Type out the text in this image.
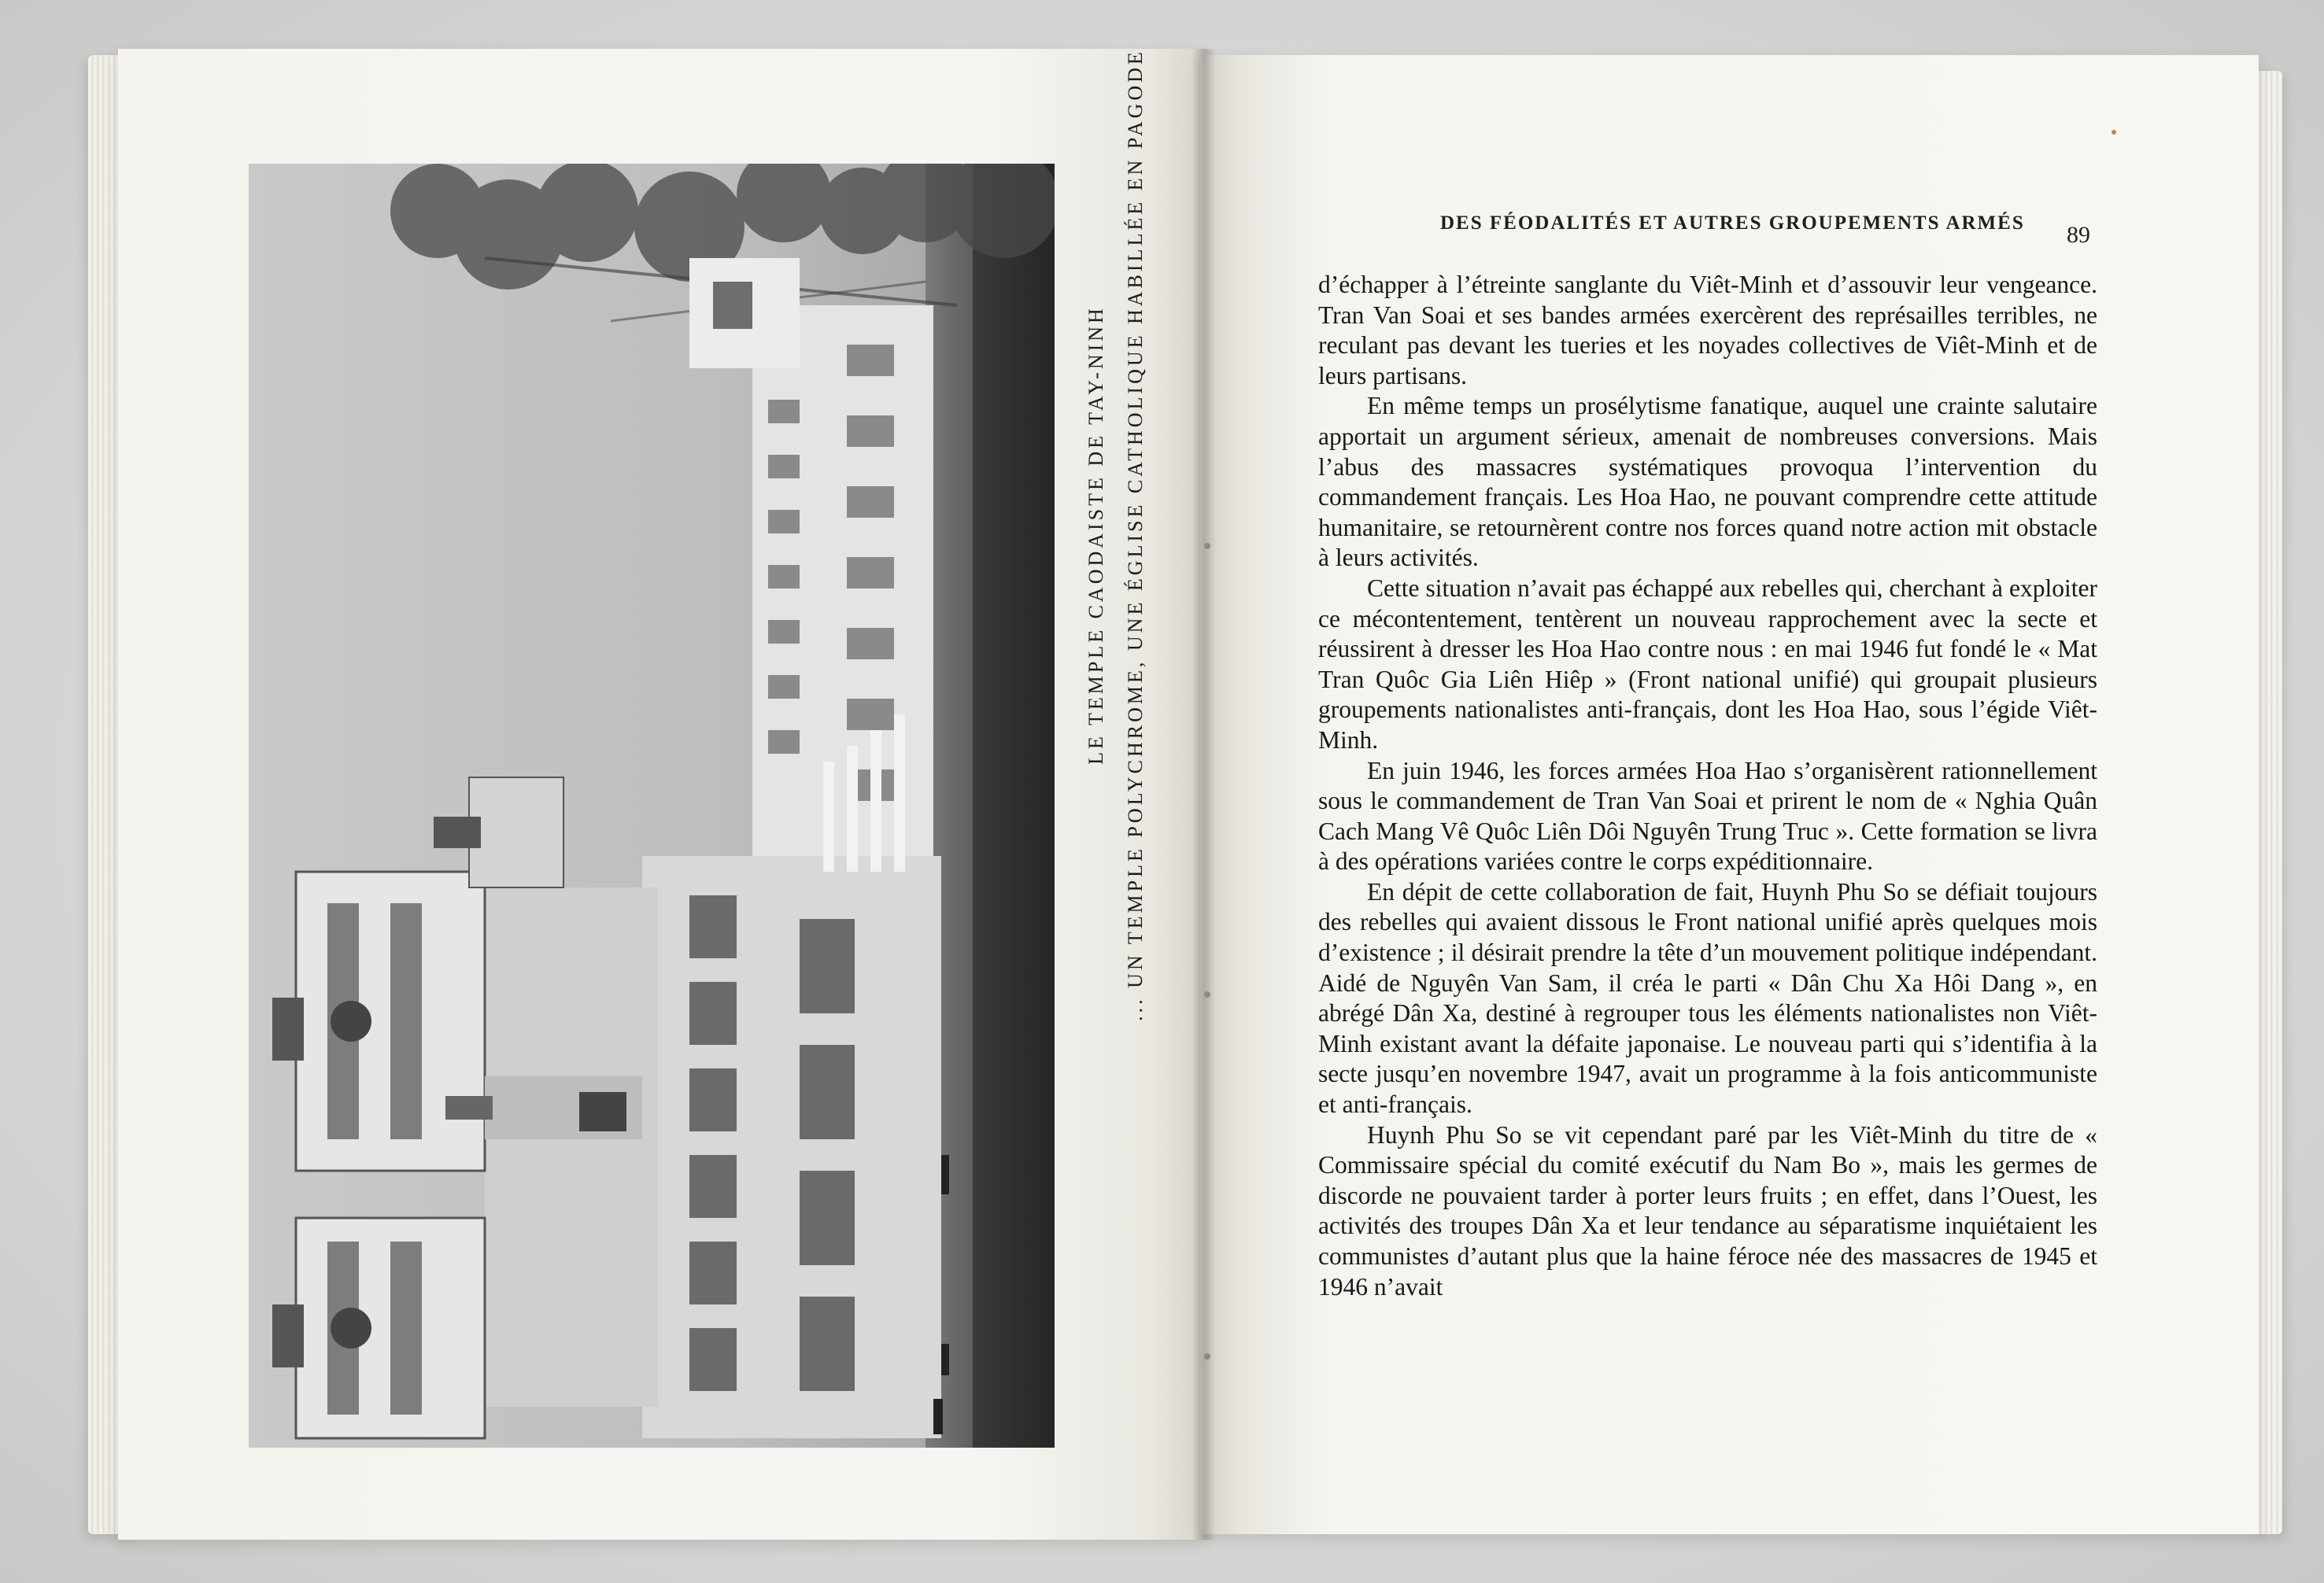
LE TEMPLE CAODAISTE DE TAY-NINH ... UN TEMPLE POLYCHROME, UNE ÉGLISE CATHOLIQUE HABILLÉE EN PAGODE	DES FÉODALITÉS ET AUTRES GROUPEMENTS ARMÉS 89

d’échapper à l’étreinte sanglante du Viêt-Minh et d’assouvir leur vengeance. Tran Van Soai et ses bandes armées exercèrent des représailles terribles, ne reculant pas devant les tueries et les noyades collectives de Viêt-Minh et de leurs partisans.

En même temps un prosélytisme fanatique, auquel une crainte salutaire apportait un argument sérieux, amenait de nombreuses conversions. Mais l’abus des massacres systématiques provoqua l’intervention du commandement français. Les Hoa Hao, ne pouvant comprendre cette attitude humanitaire, se retournèrent contre nos forces quand notre action mit obstacle à leurs activités.

Cette situation n’avait pas échappé aux rebelles qui, cherchant à exploiter ce mécontentement, tentèrent un nouveau rapprochement avec la secte et réussirent à dresser les Hoa Hao contre nous : en mai 1946 fut fondé le « Mat Tran Quôc Gia Liên Hiêp » (Front national unifié) qui groupait plusieurs groupements nationalistes anti-français, dont les Hoa Hao, sous l’égide Viêt-Minh.

En juin 1946, les forces armées Hoa Hao s’organisèrent rationnellement sous le commandement de Tran Van Soai et prirent le nom de « Nghia Quân Cach Mang Vê Quôc Liên Dôi Nguyên Trung Truc ». Cette formation se livra à des opérations variées contre le corps expéditionnaire.

En dépit de cette collaboration de fait, Huynh Phu So se défiait toujours des rebelles qui avaient dissous le Front national unifié après quelques mois d’existence ; il désirait prendre la tête d’un mouvement politique indépendant. Aidé de Nguyên Van Sam, il créa le parti « Dân Chu Xa Hôi Dang », en abrégé Dân Xa, destiné à regrouper tous les éléments nationalistes non Viêt-Minh existant avant la défaite japonaise. Le nouveau parti qui s’identifia à la secte jusqu’en novembre 1947, avait un programme à la fois anticommuniste et anti-français.

Huynh Phu So se vit cependant paré par les Viêt-Minh du titre de « Commissaire spécial du comité exécutif du Nam Bo », mais les germes de discorde ne pouvaient tarder à porter leurs fruits ; en effet, dans l’Ouest, les activités des troupes Dân Xa et leur tendance au séparatisme inquiétaient les communistes d’autant plus que la haine féroce née des massacres de 1945 et 1946 n’avait
